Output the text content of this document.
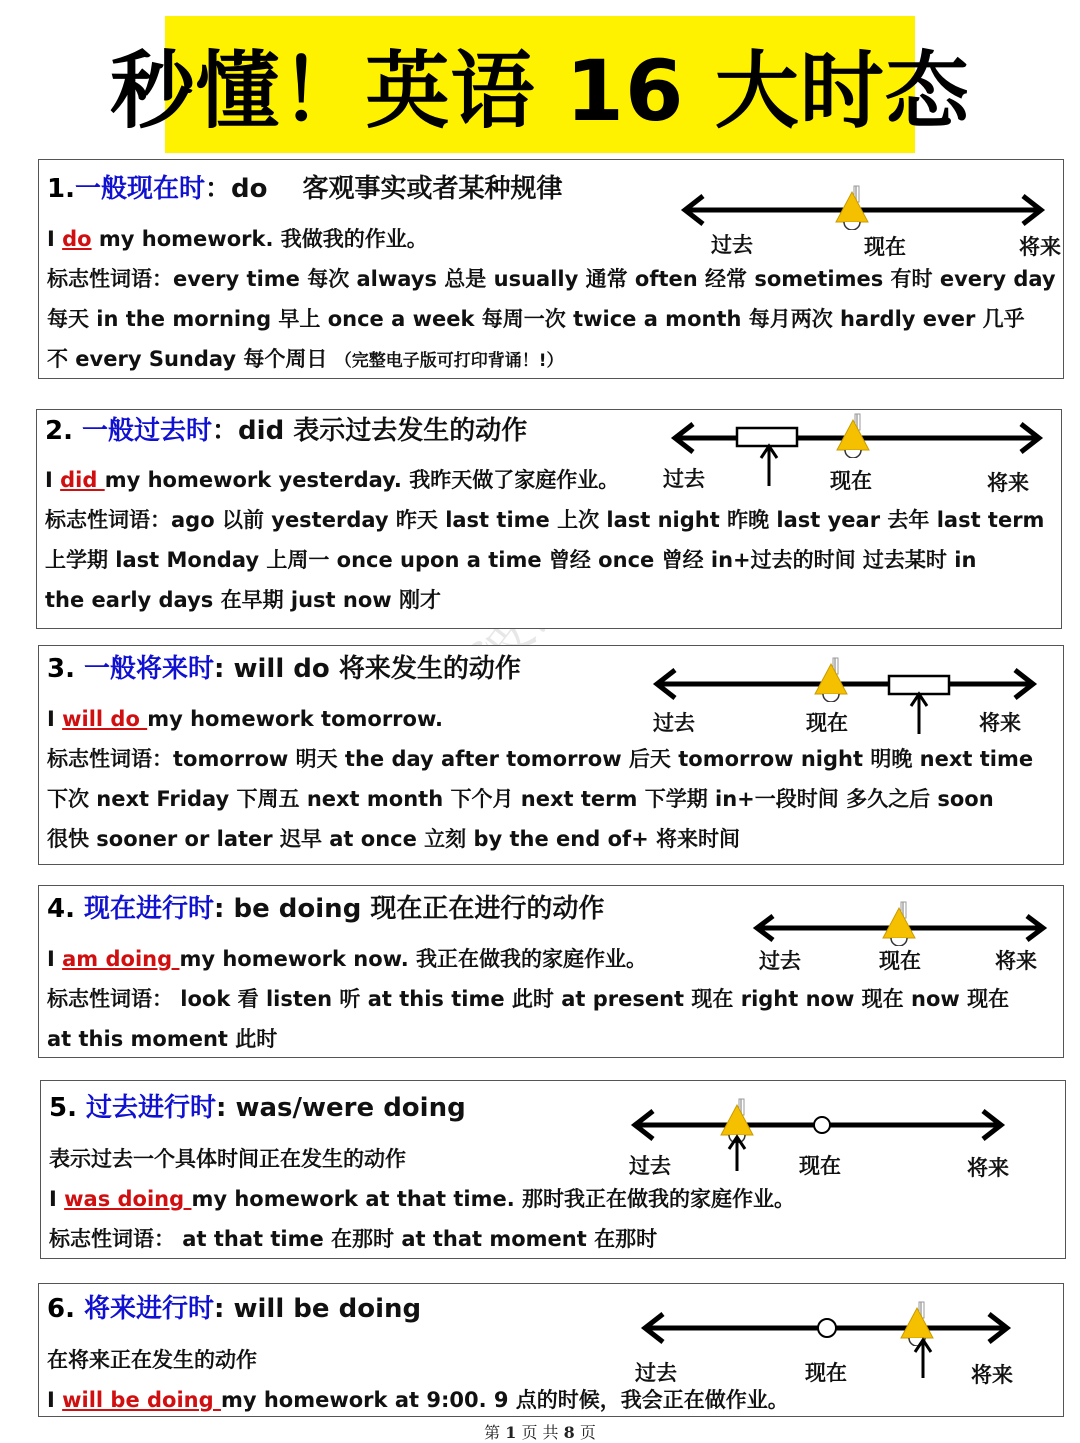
秒懂！英语 16 大时态
1.一般现在时：do　 客观事实或者某种规律
I do my homework. 我做我的作业。
标志性词语：every time 每次 always 总是 usually 通常 often 经常 sometimes 有时 every day
每天 in the morning 早上 once a week 每周一次 twice a month 每月两次 hardly ever 几乎
不 every Sunday 每个周日 （完整电子版可打印背诵！!）
过去	现在	将来
2. 一般过去时：did 表示过去发生的动作
I did my homework yesterday. 我昨天做了家庭作业。
标志性词语：ago 以前 yesterday 昨天 last time 上次 last night 昨晚 last year 去年 last term
上学期 last Monday 上周一 once upon a time 曾经 once 曾经 in+过去的时间 过去某时 in
the early days 在早期 just now 刚才
过去	现在	将来
3. 一般将来时: will do 将来发生的动作
I will do my homework tomorrow.
标志性词语：tomorrow 明天 the day after tomorrow 后天 tomorrow night 明晚 next time
下次 next Friday 下周五 next month 下个月 next term 下学期 in+一段时间 多久之后 soon
很快 sooner or later 迟早 at once 立刻 by the end of+ 将来时间
过去	现在	将来
4. 现在进行时: be doing 现在正在进行的动作
I am doing my homework now. 我正在做我的家庭作业。
标志性词语： look 看 listen 听 at this time 此时 at present 现在 right now 现在 now 现在
at this moment 此时
过去	现在	将来
5. 过去进行时: was/were doing
表示过去一个具体时间正在发生的动作
I was doing my homework at that time. 那时我正在做我的家庭作业。
标志性词语： at that time 在那时 at that moment 在那时
过去	现在	将来
6. 将来进行时: will be doing
在将来正在发生的动作
I will be doing my homework at 9:00. 9 点的时候，我会正在做作业。
过去	现在	将来
第 1 页 共 8 页
